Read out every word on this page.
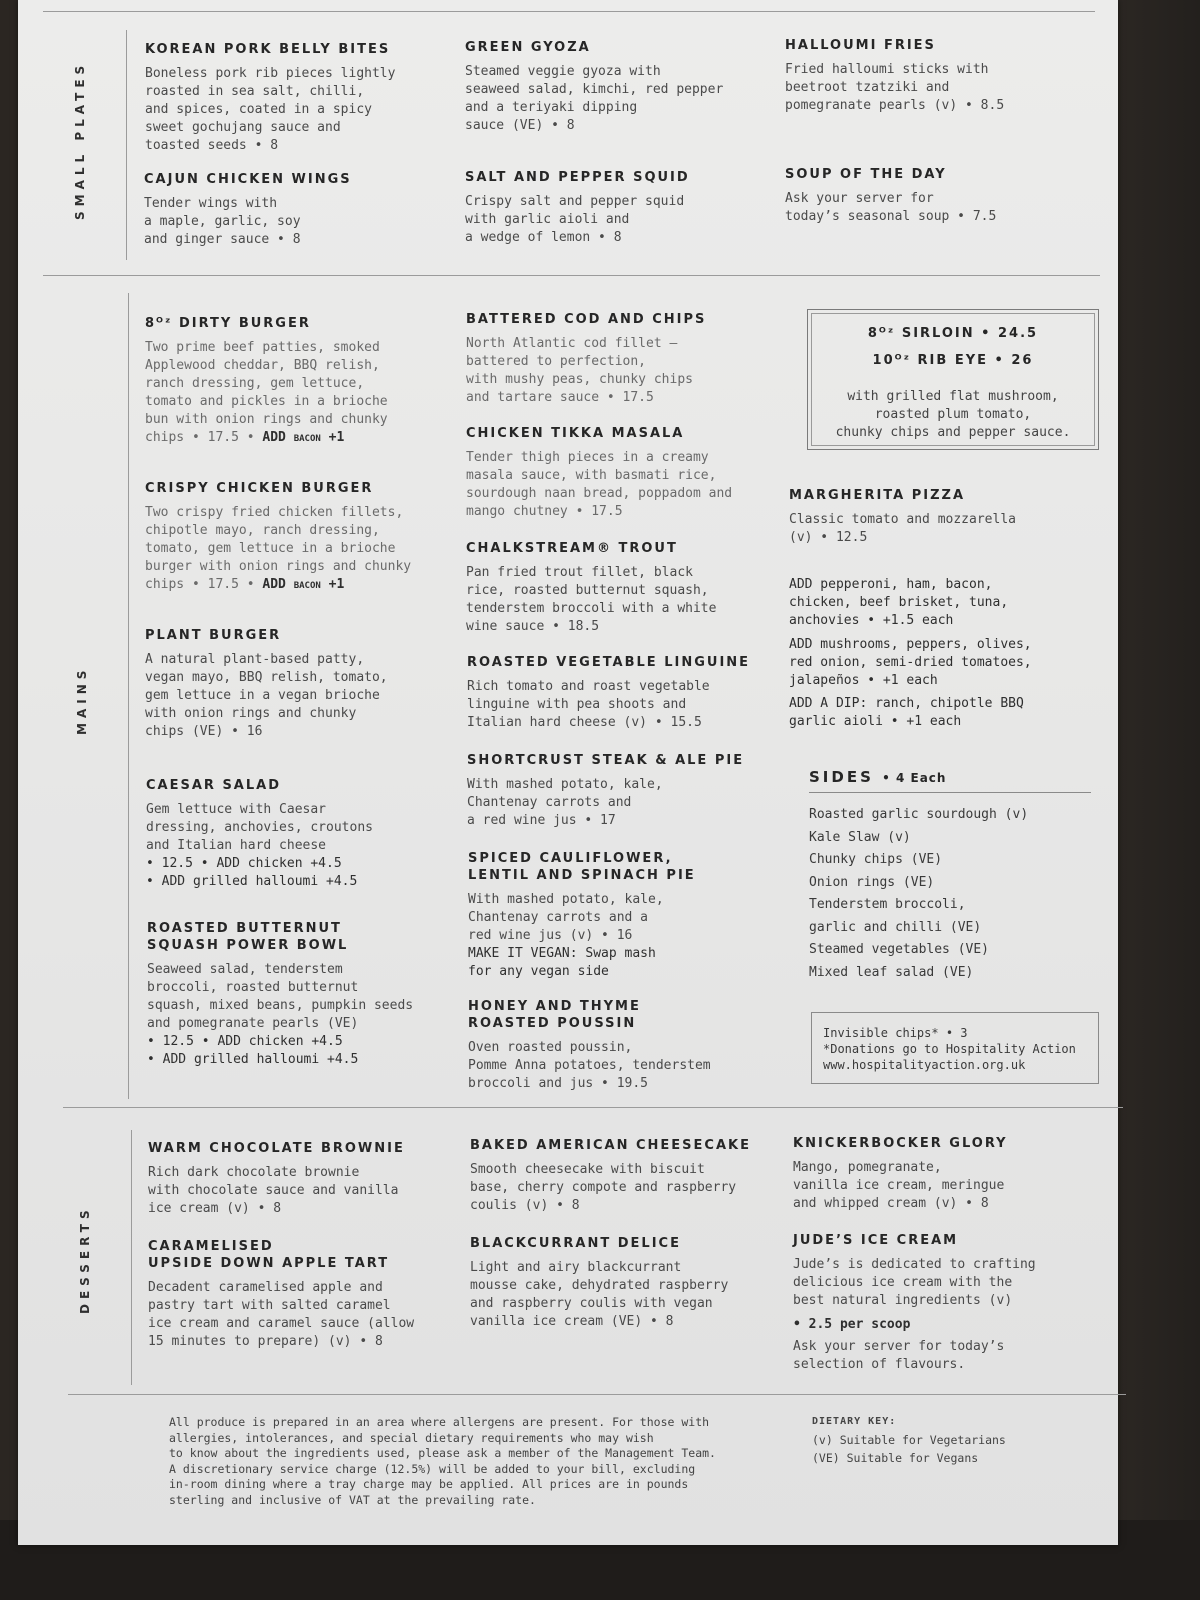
SMALL PLATES
MAINS
DESSERTS
KOREAN PORK BELLY BITES
Boneless pork rib pieces lightly
roasted in sea salt, chilli,
and spices, coated in a spicy
sweet gochujang sauce and
toasted seeds • 8
GREEN GYOZA
Steamed veggie gyoza with
seaweed salad, kimchi, red pepper
and a teriyaki dipping
sauce (VE) • 8
HALLOUMI FRIES
Fried halloumi sticks with
beetroot tzatziki and
pomegranate pearls (v) • 8.5
CAJUN CHICKEN WINGS
Tender wings with
a maple, garlic, soy
and ginger sauce • 8
SALT AND PEPPER SQUID
Crispy salt and pepper squid
with garlic aioli and
a wedge of lemon • 8
SOUP OF THE DAY
Ask your server for
today’s seasonal soup • 7.5
8ᴼᶻ DIRTY BURGER
Two prime beef patties, smoked
Applewood cheddar, BBQ relish,
ranch dressing, gem lettuce,
tomato and pickles in a brioche
bun with onion rings and chunky
chips • 17.5 • ADD bacon +1
CRISPY CHICKEN BURGER
Two crispy fried chicken fillets,
chipotle mayo, ranch dressing,
tomato, gem lettuce in a brioche
burger with onion rings and chunky
chips • 17.5 • ADD bacon +1
PLANT BURGER
A natural plant-based patty,
vegan mayo, BBQ relish, tomato,
gem lettuce in a vegan brioche
with onion rings and chunky
chips (VE) • 16
CAESAR SALAD
Gem lettuce with Caesar
dressing, anchovies, croutons
and Italian hard cheese
• 12.5 • ADD chicken +4.5
• ADD grilled halloumi +4.5
ROASTED BUTTERNUT
SQUASH POWER BOWL
Seaweed salad, tenderstem
broccoli, roasted butternut
squash, mixed beans, pumpkin seeds
and pomegranate pearls (VE)
• 12.5 • ADD chicken +4.5
• ADD grilled halloumi +4.5
BATTERED COD AND CHIPS
North Atlantic cod fillet –
battered to perfection,
with mushy peas, chunky chips
and tartare sauce • 17.5
CHICKEN TIKKA MASALA
Tender thigh pieces in a creamy
masala sauce, with basmati rice,
sourdough naan bread, poppadom and
mango chutney • 17.5
CHALKSTREAM® TROUT
Pan fried trout fillet, black
rice, roasted butternut squash,
tenderstem broccoli with a white
wine sauce • 18.5
ROASTED VEGETABLE LINGUINE
Rich tomato and roast vegetable
linguine with pea shoots and
Italian hard cheese (v) • 15.5
SHORTCRUST STEAK & ALE PIE
With mashed potato, kale,
Chantenay carrots and
a red wine jus • 17
SPICED CAULIFLOWER,
LENTIL AND SPINACH PIE
With mashed potato, kale,
Chantenay carrots and a
red wine jus (v) • 16
MAKE IT VEGAN: Swap mash
for any vegan side
HONEY AND THYME
ROASTED POUSSIN
Oven roasted poussin,
Pomme Anna potatoes, tenderstem
broccoli and jus • 19.5
8ᴼᶻ SIRLOIN • 24.5
10ᴼᶻ RIB EYE • 26
with grilled flat mushroom,
roasted plum tomato,
chunky chips and pepper sauce.
MARGHERITA PIZZA
Classic tomato and mozzarella
(v) • 12.5
ADD pepperoni, ham, bacon,
chicken, beef brisket, tuna,
anchovies • +1.5 each
ADD mushrooms, peppers, olives,
red onion, semi-dried tomatoes,
jalapeños • +1 each
ADD A DIP: ranch, chipotle BBQ
garlic aioli • +1 each
SIDES • 4 Each
Roasted garlic sourdough (v)
Kale Slaw (v)
Chunky chips (VE)
Onion rings (VE)
Tenderstem broccoli,
garlic and chilli (VE)
Steamed vegetables (VE)
Mixed leaf salad (VE)
Invisible chips* • 3
*Donations go to Hospitality Action
www.hospitalityaction.org.uk
WARM CHOCOLATE BROWNIE
Rich dark chocolate brownie
with chocolate sauce and vanilla
ice cream (v) • 8
BAKED AMERICAN CHEESECAKE
Smooth cheesecake with biscuit
base, cherry compote and raspberry
coulis (v) • 8
KNICKERBOCKER GLORY
Mango, pomegranate,
vanilla ice cream, meringue
and whipped cream (v) • 8
CARAMELISED
UPSIDE DOWN APPLE TART
Decadent caramelised apple and
pastry tart with salted caramel
ice cream and caramel sauce (allow
15 minutes to prepare) (v) • 8
BLACKCURRANT DELICE
Light and airy blackcurrant
mousse cake, dehydrated raspberry
and raspberry coulis with vegan
vanilla ice cream (VE) • 8
JUDE’S ICE CREAM
Jude’s is dedicated to crafting
delicious ice cream with the
best natural ingredients (v)
• 2.5 per scoop
Ask your server for today’s
selection of flavours.
All produce is prepared in an area where allergens are present. For those with
allergies, intolerances, and special dietary requirements who may wish
to know about the ingredients used, please ask a member of the Management Team.
A discretionary service charge (12.5%) will be added to your bill, excluding
in-room dining where a tray charge may be applied. All prices are in pounds
sterling and inclusive of VAT at the prevailing rate.
DIETARY KEY:
(v) Suitable for Vegetarians
(VE) Suitable for Vegans
